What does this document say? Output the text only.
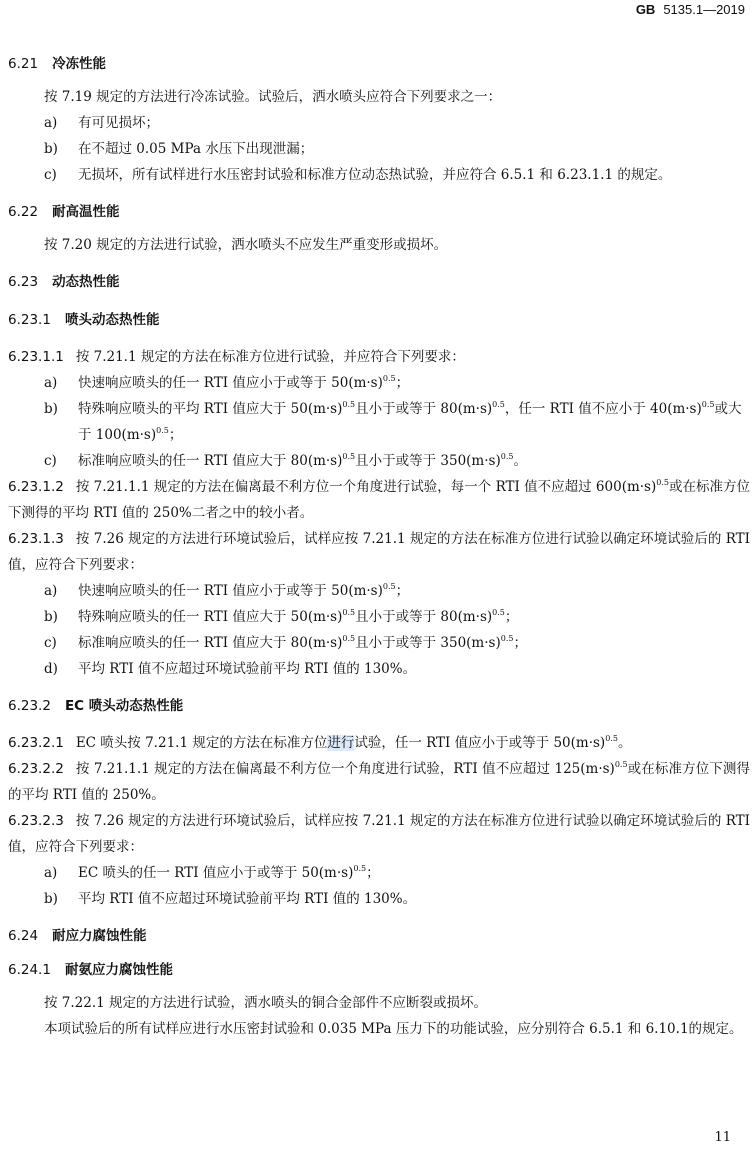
GB 5135.1—2019

6.21 冷冻性能

按 7.19 规定的方法进行冷冻试验。试验后，洒水喷头应符合下列要求之一：

a) 有可见损坏；

b) 在不超过 0.05 MPa 水压下出现泄漏；

c) 无损坏，所有试样进行水压密封试验和标准方位动态热试验，并应符合 6.5.1 和 6.23.1.1 的规定。

6.22 耐高温性能

按 7.20 规定的方法进行试验，洒水喷头不应发生严重变形或损坏。

6.23 动态热性能

6.23.1 喷头动态热性能

6.23.1.1 按 7.21.1 规定的方法在标准方位进行试验，并应符合下列要求：

a) 快速响应喷头的任一 RTI 值应小于或等于 $50(m\cdot s)^{0.5}$；

b) 特殊响应喷头的平均 RTI 值应大于 $50(m\cdot s)^{0.5}$且小于或等于 $80(m\cdot s)^{0.5}$，任一 RTI 值不应小于 $40(m\cdot s)^{0.5}$或大于 $100(m\cdot s)^{0.5}$；

c) 标准响应喷头的任一 RTI 值应大于 $80(m\cdot s)^{0.5}$且小于或等于 $350(m\cdot s)^{0.5}$。

6.23.1.2 按 7.21.1.1 规定的方法在偏离最不利方位一个角度进行试验，每一个 RTI 值不应超过 $600(m\cdot s)^{0.5}$或在标准方位下测得的平均 RTI 值的 250%二者之中的较小者。

6.23.1.3 按 7.26 规定的方法进行环境试验后，试样应按 7.21.1 规定的方法在标准方位进行试验以确定环境试验后的 RTI 值，应符合下列要求：

a) 快速响应喷头的任一 RTI 值应小于或等于 $50(m\cdot s)^{0.5}$；

b) 特殊响应喷头的任一 RTI 值应大于 $50(m\cdot s)^{0.5}$且小于或等于 $80(m\cdot s)^{0.5}$；

c) 标准响应喷头的任一 RTI 值应大于 $80(m\cdot s)^{0.5}$且小于或等于 $350(m\cdot s)^{0.5}$；

d) 平均 RTI 值不应超过环境试验前平均 RTI 值的 130%。

6.23.2 EC 喷头动态热性能

6.23.2.1 EC 喷头按 7.21.1 规定的方法在标准方位进行试验，任一 RTI 值应小于或等于 $50(m\cdot s)^{0.5}$。

6.23.2.2 按 7.21.1.1 规定的方法在偏离最不利方位一个角度进行试验，RTI 值不应超过 $125(m\cdot s)^{0.5}$或在标准方位下测得的平均 RTI 值的 250%。

6.23.2.3 按 7.26 规定的方法进行环境试验后，试样应按 7.21.1 规定的方法在标准方位进行试验以确定环境试验后的 RTI 值，应符合下列要求：

a) EC 喷头的任一 RTI 值应小于或等于 $50(m\cdot s)^{0.5}$；

b) 平均 RTI 值不应超过环境试验前平均 RTI 值的 130%。

6.24 耐应力腐蚀性能

6.24.1 耐氨应力腐蚀性能

按 7.22.1 规定的方法进行试验，洒水喷头的铜合金部件不应断裂或损坏。

本项试验后的所有试样应进行水压密封试验和 0.035 MPa 压力下的功能试验，应分别符合 6.5.1 和 6.10.1的规定。

11
